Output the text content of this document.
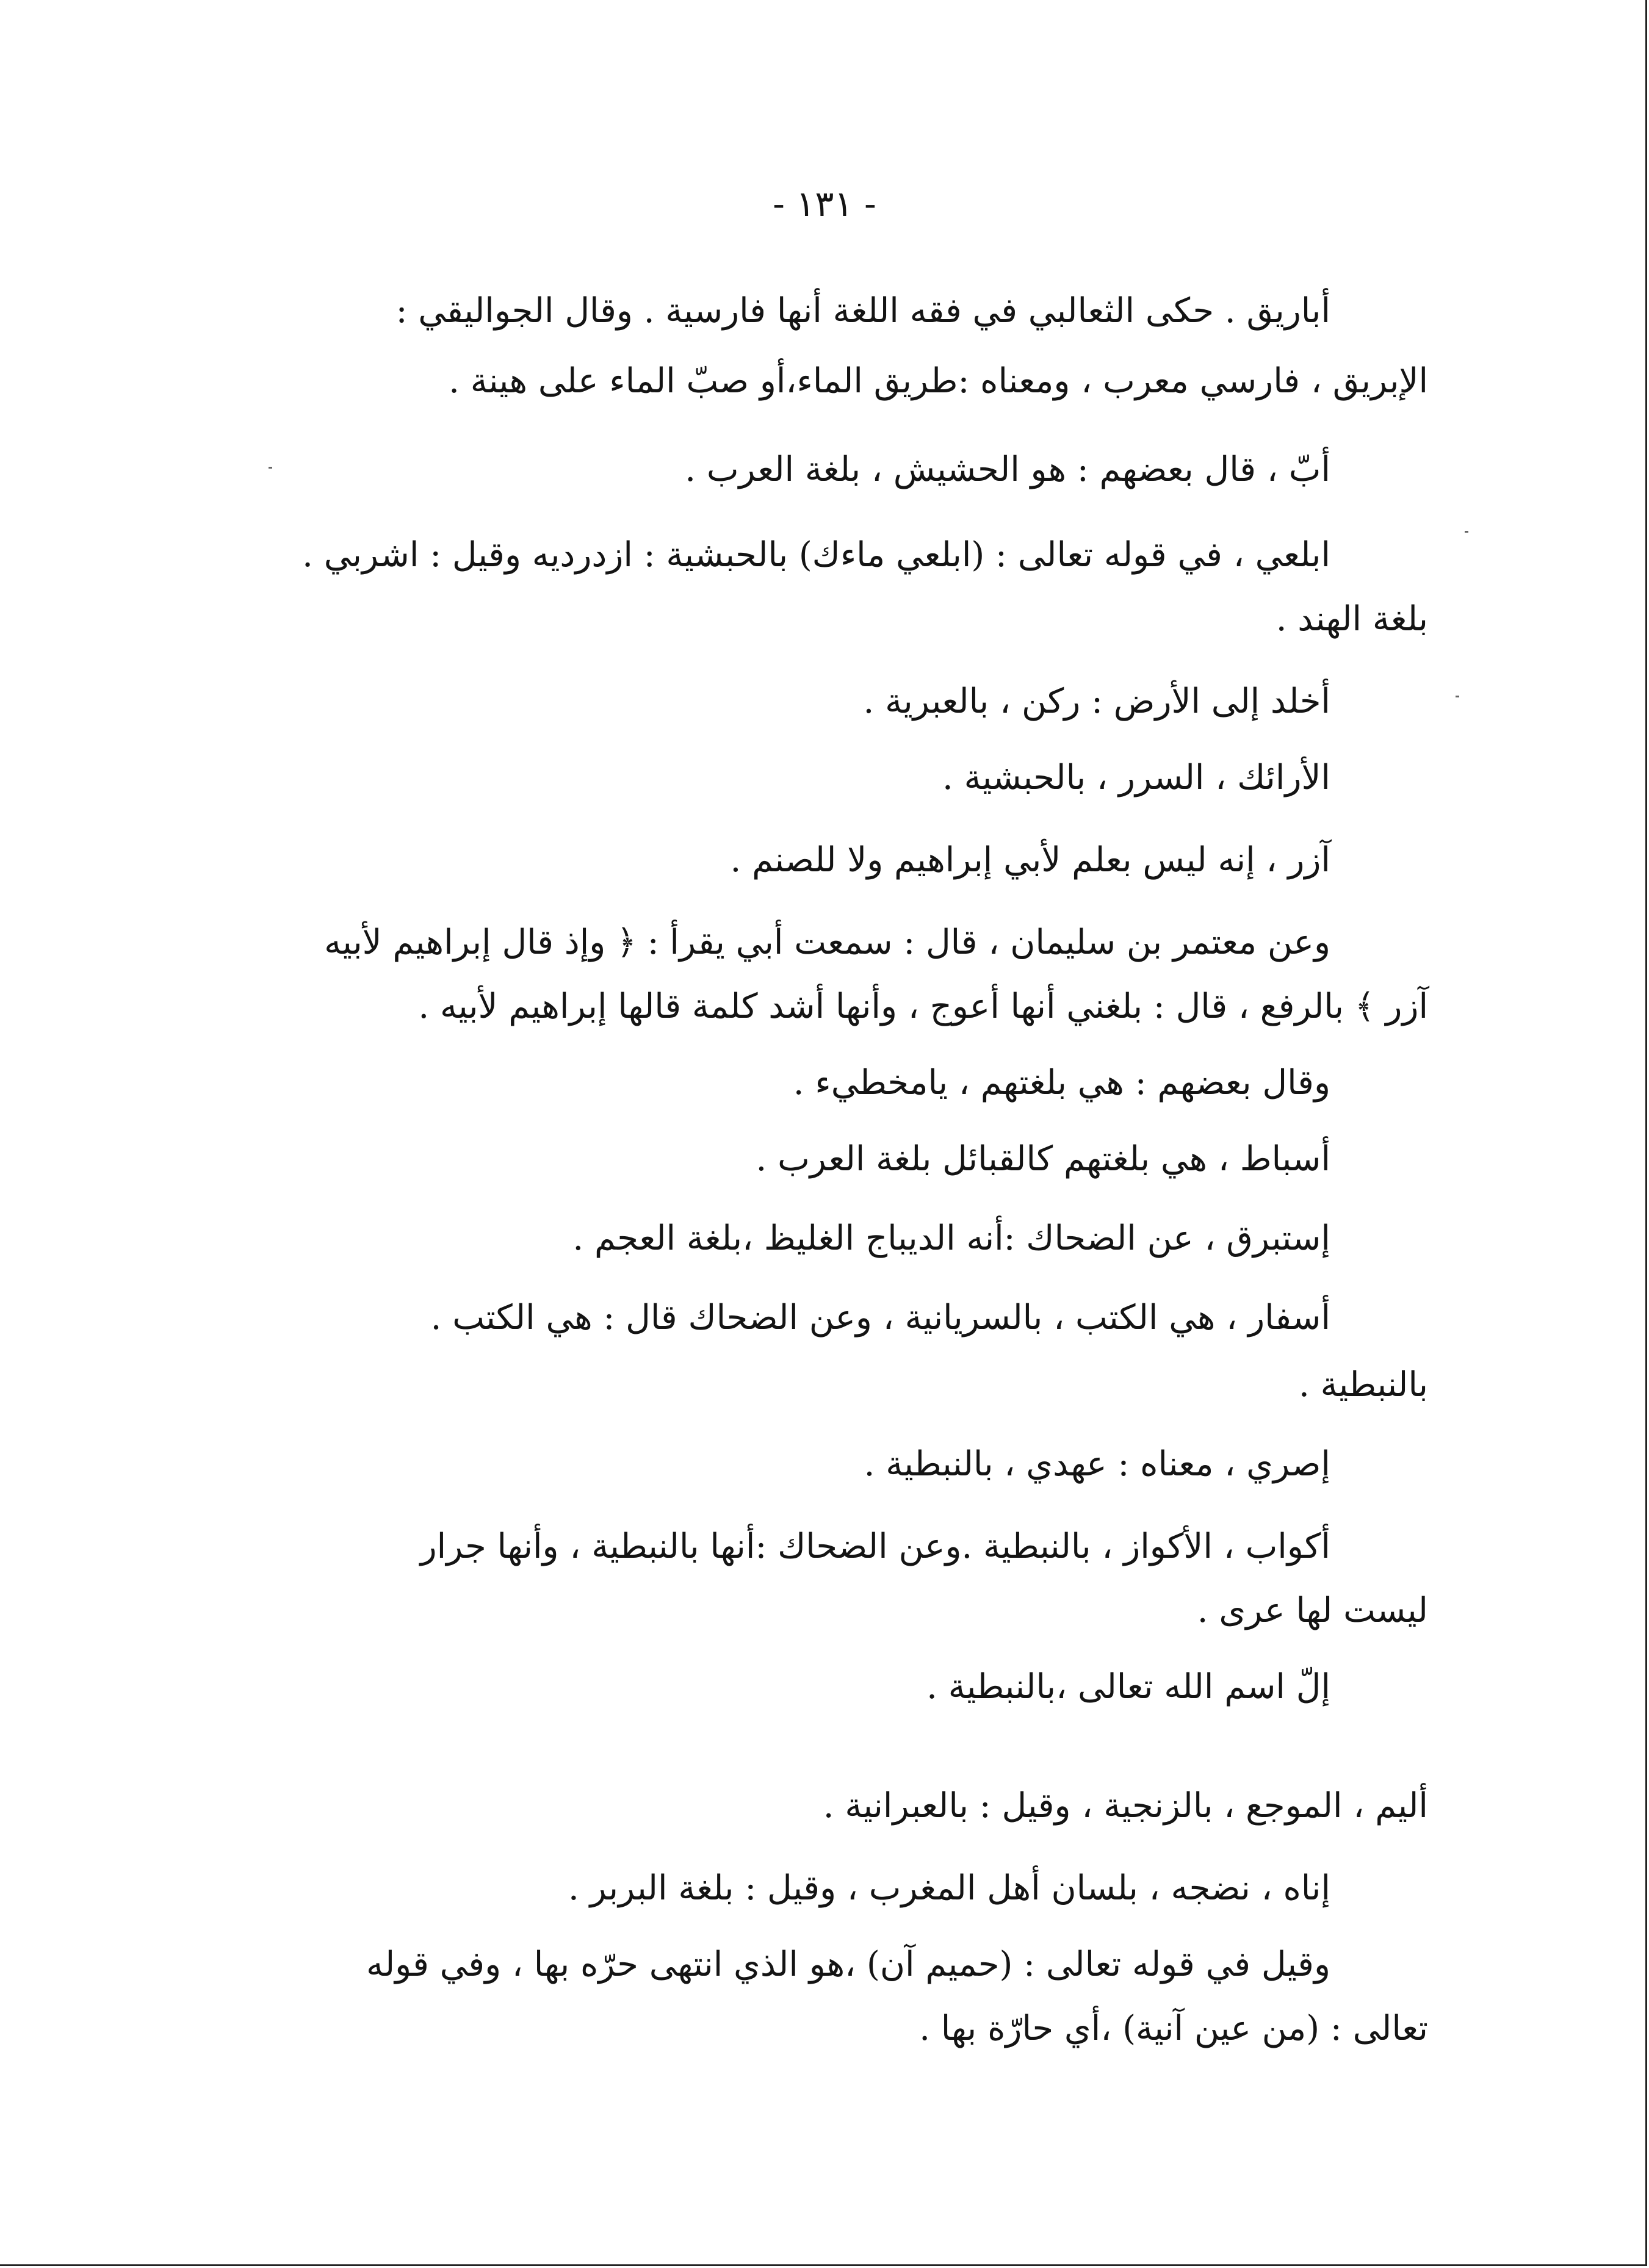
- ١٣١ -
أباريق . حكى الثعالبي في فقه اللغة أنها فارسية . وقال الجواليقي :
الإبريق ، فارسي معرب ، ومعناه :طريق الماء،أو صبّ الماء على هينة .
أبّ ، قال بعضهم : هو الحشيش ، بلغة العرب .
ابلعي ، في قوله تعالى : (ابلعي ماءك) بالحبشية : ازدرديه وقيل : اشربي .
بلغة الهند .
أخلد إلى الأرض : ركن ، بالعبرية .
الأرائك ، السرر ، بالحبشية .
آزر ، إنه ليس بعلم لأبي إبراهيم ولا للصنم .
وعن معتمر بن سليمان ، قال : سمعت أبي يقرأ : ﴿ وإذ قال إبراهيم لأبيه
آزر ﴾ بالرفع ، قال : بلغني أنها أعوج ، وأنها أشد كلمة قالها إبراهيم لأبيه .
وقال بعضهم : هي بلغتهم ، يامخطيء .
أسباط ، هي بلغتهم كالقبائل بلغة العرب .
إستبرق ، عن الضحاك :أنه الديباج الغليظ ،بلغة العجم .
أسفار ، هي الكتب ، بالسريانية ، وعن الضحاك قال : هي الكتب .
بالنبطية .
إصري ، معناه : عهدي ، بالنبطية .
أكواب ، الأكواز ، بالنبطية .وعن الضحاك :أنها بالنبطية ، وأنها جرار
ليست لها عرى .
إلّ اسم الله تعالى ،بالنبطية .
أليم ، الموجع ، بالزنجية ، وقيل : بالعبرانية .
إناه ، نضجه ، بلسان أهل المغرب ، وقيل : بلغة البربر .
وقيل في قوله تعالى : (حميم آن) ،هو الذي انتهى حرّه بها ، وفي قوله
تعالى : (من عين آنية) ،أي حارّة بها .
